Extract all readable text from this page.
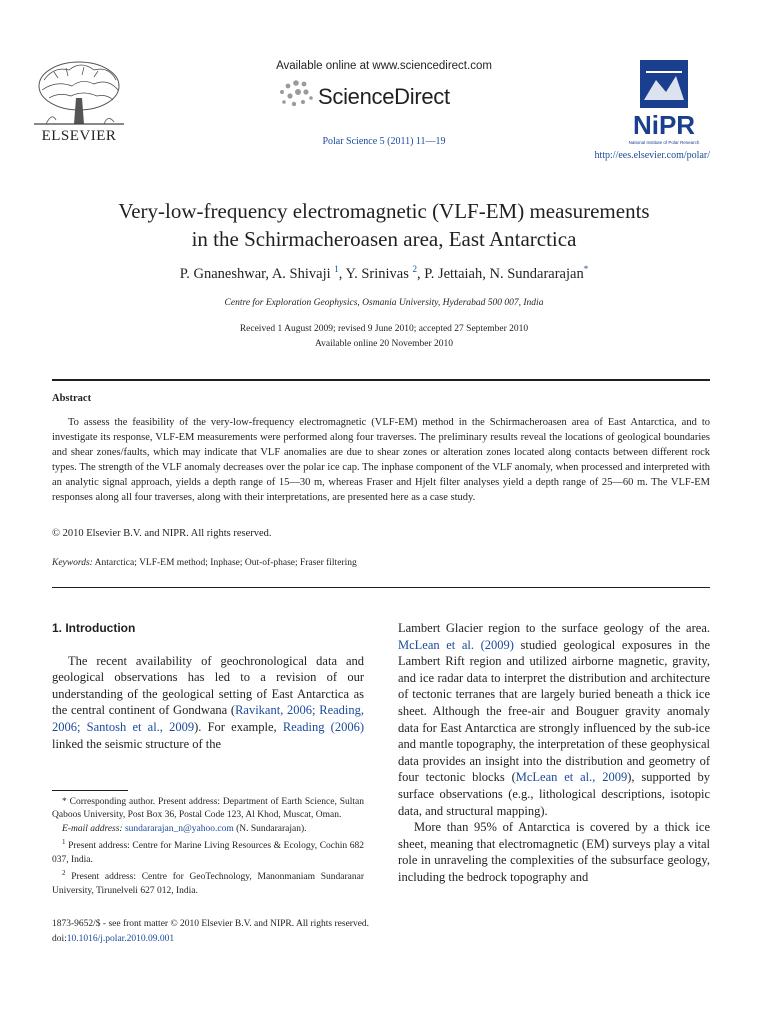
ELSEVIER
Available online at www.sciencedirect.com
ScienceDirect
Polar Science 5 (2011) 11—19
NiPR
National Institute of Polar Research
http://ees.elsevier.com/polar/
Very-low-frequency electromagnetic (VLF-EM) measurements
in the Schirmacheroasen area, East Antarctica
P. Gnaneshwar, A. Shivaji $^1$, Y. Srinivas $^2$, P. Jettaiah, N. Sundararajan*
Centre for Exploration Geophysics, Osmania University, Hyderabad 500 007, India
Received 1 August 2009; revised 9 June 2010; accepted 27 September 2010
Available online 20 November 2010
Abstract
To assess the feasibility of the very-low-frequency electromagnetic (VLF-EM) method in the Schirmacheroasen area of East Antarctica, and to investigate its response, VLF-EM measurements were performed along four traverses. The preliminary results reveal the locations of geological boundaries and shear zones/faults, which may indicate that VLF anomalies are due to shear zones or alteration zones located along contacts between different rock types. The strength of the VLF anomaly decreases over the polar ice cap. The inphase component of the VLF anomaly, when processed and interpreted with an analytic signal approach, yields a depth range of 15—30 m, whereas Fraser and Hjelt filter analyses yield a depth range of 25—60 m. The VLF-EM responses along all four traverses, along with their interpretations, are presented here as a case study.
© 2010 Elsevier B.V. and NIPR. All rights reserved.
Keywords: Antarctica; VLF-EM method; Inphase; Out-of-phase; Fraser filtering
1. Introduction

The recent availability of geochronological data and geological observations has led to a revision of our understanding of the geological setting of East Antarctica as the central continent of Gondwana (Ravikant, 2006; Reading, 2006; Santosh et al., 2009). For example, Reading (2006) linked the seismic structure of the

* Corresponding author. Present address: Department of Earth Science, Sultan Qaboos University, Post Box 36, Postal Code 123, Al Khod, Muscat, Oman.

E-mail address: sundararajan_n@yahoo.com (N. Sundararajan).

$^1$ Present address: Centre for Marine Living Resources & Ecology, Cochin 682 037, India.

$^2$ Present address: Centre for GeoTechnology, Manonmaniam Sundaranar University, Tirunelveli 627 012, India.

Lambert Glacier region to the surface geology of the area. McLean et al. (2009) studied geological exposures in the Lambert Rift region and utilized airborne magnetic, gravity, and ice radar data to interpret the distribution and architecture of tectonic terranes that are largely buried beneath a thick ice sheet. Although the free-air and Bouguer gravity anomaly data for East Antarctica are strongly influenced by the sub-ice and mantle topography, the interpretation of these geophysical data provides an insight into the distribution and geometry of four tectonic blocks (McLean et al., 2009), supported by surface observations (e.g., lithological descriptions, isotopic data, and structural mapping).

More than 95% of Antarctica is covered by a thick ice sheet, meaning that electromagnetic (EM) surveys play a vital role in unraveling the complexities of the subsurface geology, including the bedrock topography and

1873-9652/$ - see front matter © 2010 Elsevier B.V. and NIPR. All rights reserved.
doi:10.1016/j.polar.2010.09.001
